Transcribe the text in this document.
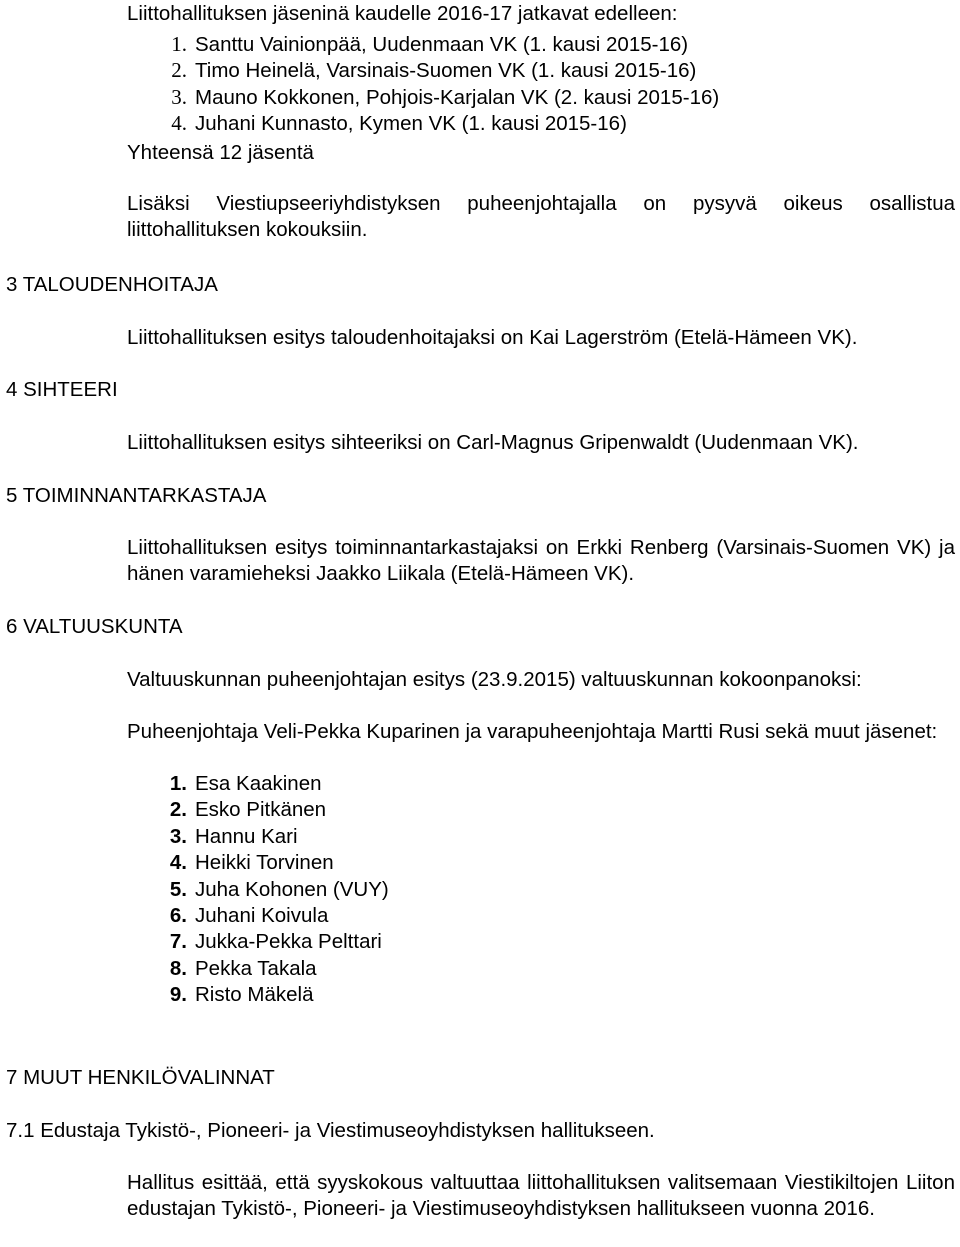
Liittohallituksen jäseninä kaudelle 2016-17 jatkavat edelleen:
1. Santtu Vainionpää, Uudenmaan VK (1. kausi 2015-16)
2. Timo Heinelä, Varsinais-Suomen VK (1. kausi 2015-16)
3. Mauno Kokkonen, Pohjois-Karjalan VK (2. kausi 2015-16)
4. Juhani Kunnasto, Kymen VK (1. kausi 2015-16)
Yhteensä 12 jäsentä
Lisäksi Viestiupseeriyhdistyksen puheenjohtajalla on pysyvä oikeus osallistua liittohallituksen kokouksiin.
3 TALOUDENHOITAJA
Liittohallituksen esitys taloudenhoitajaksi on Kai Lagerström (Etelä-Hämeen VK).
4 SIHTEERI
Liittohallituksen esitys sihteeriksi on Carl-Magnus Gripenwaldt (Uudenmaan VK).
5 TOIMINNANTARKASTAJA
Liittohallituksen esitys toiminnantarkastajaksi on Erkki Renberg (Varsinais-Suomen VK) ja hänen varamieheksi Jaakko Liikala (Etelä-Hämeen VK).
6 VALTUUSKUNTA
Valtuuskunnan puheenjohtajan esitys (23.9.2015) valtuuskunnan kokoonpanoksi:
Puheenjohtaja Veli-Pekka Kuparinen ja varapuheenjohtaja Martti Rusi sekä muut jäsenet:
1. Esa Kaakinen
2. Esko Pitkänen
3. Hannu Kari
4. Heikki Torvinen
5. Juha Kohonen (VUY)
6. Juhani Koivula
7. Jukka-Pekka Pelttari
8. Pekka Takala
9. Risto Mäkelä
7 MUUT HENKILÖVALINNAT
7.1 Edustaja Tykistö-, Pioneeri- ja Viestimuseoyhdistyksen hallitukseen.
Hallitus esittää, että syyskokous valtuuttaa liittohallituksen valitsemaan Viestikiltojen Liiton edustajan Tykistö-, Pioneeri- ja Viestimuseoyhdistyksen hallitukseen vuonna 2016.
